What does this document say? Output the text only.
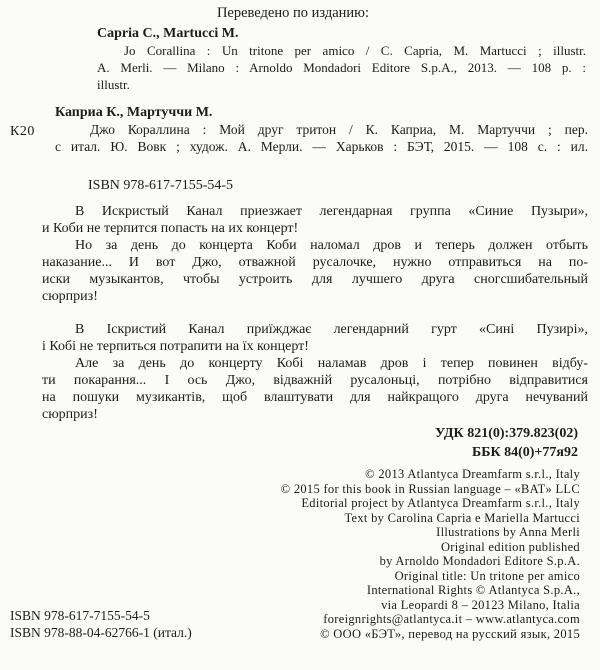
Переведено по изданию:
Capria C., Martucci M.
Jo Corallina : Un tritone per amico / C. Capria, M. Martucci ; illustr.
A. Merli. — Milano : Arnoldo Mondadori Editore S.p.A., 2013. — 108 p. :
illustr.
К20
Каприа К., Мартуччи М.
Джо Кораллина : Мой друг тритон / К. Каприа, М. Мартуччи ; пер.
с итал. Ю. Вовк ; худож. А. Мерли. — Харьков : БЭТ, 2015. — 108 с. : ил.
ISBN 978-617-7155-54-5
В Искристый Канал приезжает легендарная группа «Синие Пузыри»,
и Коби не терпится попасть на их концерт!
Но за день до концерта Коби наломал дров и теперь должен отбыть
наказание... И вот Джо, отважной русалочке, нужно отправиться на по-
иски музыкантов, чтобы устроить для лучшего друга сногсшибательный
сюрприз!
В Іскристий Канал приїжджає легендарний гурт «Сині Пузирі»,
і Кобі не терпиться потрапити на їх концерт!
Але за день до концерту Кобі наламав дров і тепер повинен відбу-
ти покарання... І ось Джо, відважній русалоньці, потрібно відправитися
на пошуки музикантів, щоб влаштувати для найкращого друга нечуваний
сюрприз!
УДК 821(0):379.823(02)
ББК 84(0)+77я92
ISBN 978-617-7155-54-5
ISBN 978-88-04-62766-1 (итал.)
© 2013 Atlantyca Dreamfarm s.r.l., Italy
© 2015 for this book in Russian language – «BAT» LLC
Editorial project by Atlantyca Dreamfarm s.r.l., Italy
Text by Carolina Capria e Mariella Martucci
Illustrations by Anna Merli
Original edition published
by Arnoldo Mondadori Editore S.p.A.
Original title: Un tritone per amico
International Rights © Atlantyca S.p.A.,
via Leopardi 8 – 20123 Milano, Italia
foreignrights@atlantyca.it – www.atlantyca.com
© ООО «БЭТ», перевод на русский язык, 2015
